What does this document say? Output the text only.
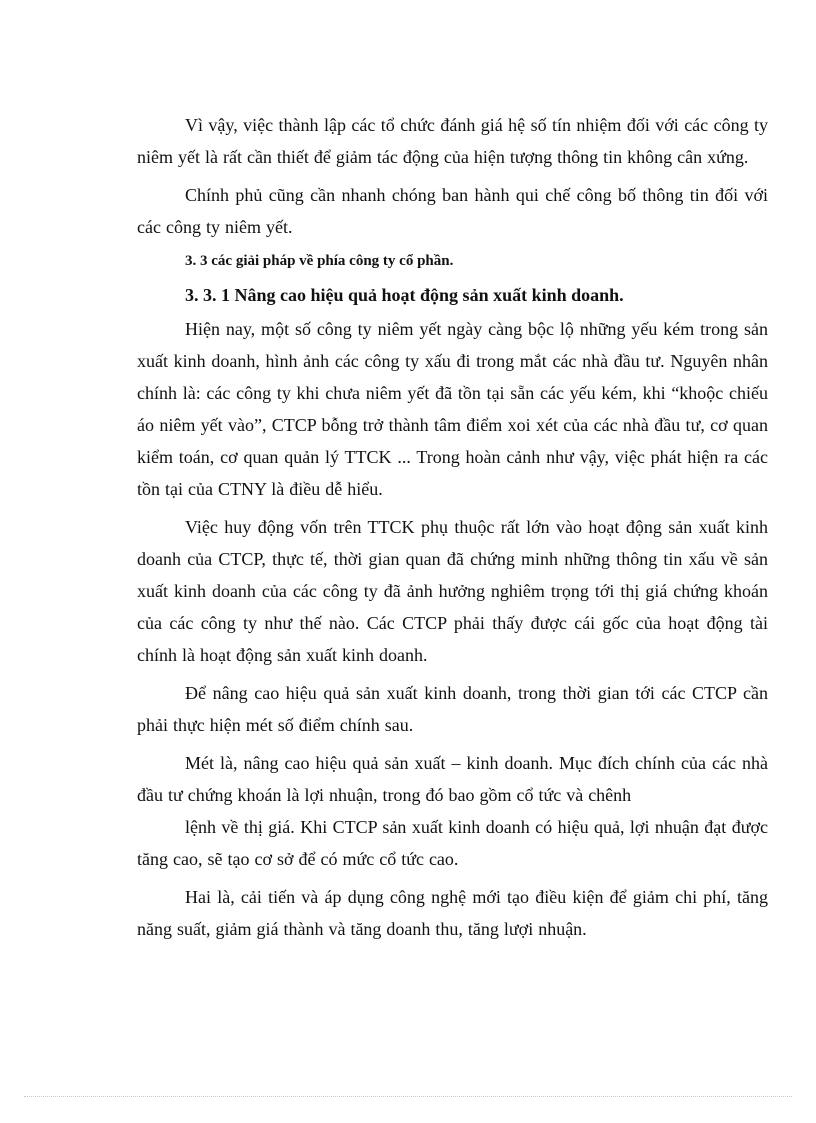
Vì vậy, việc thành lập các tổ chức đánh giá hệ số tín nhiệm đối với các công ty niêm yết là rất cần thiết để giảm tác động của hiện tượng thông tin không cân xứng.

Chính phủ cũng cần nhanh chóng ban hành qui chế công bố thông tin đối với các công ty niêm yết.

3. 3 các giải pháp về phía công ty cổ phần.

3. 3. 1 Nâng cao hiệu quả hoạt động sản xuất kinh doanh.

Hiện nay, một số công ty niêm yết ngày càng bộc lộ những yếu kém trong sản xuất kinh doanh, hình ảnh các công ty xấu đi trong mắt các nhà đầu tư. Nguyên nhân chính là: các công ty khi chưa niêm yết đã tồn tại sẵn các yếu kém, khi “khoộc chiếu áo niêm yết vào”, CTCP bỗng trở thành tâm điểm xoi xét của các nhà đầu tư, cơ quan kiểm toán, cơ quan quản lý TTCK ... Trong hoàn cảnh như vậy, việc phát hiện ra các tồn tại của CTNY là điều dễ hiểu.

Việc huy động vốn trên TTCK phụ thuộc rất lớn vào hoạt động sản xuất kinh doanh của CTCP, thực tế, thời gian quan đã chứng minh những thông tin xấu về sản xuất kinh doanh của các công ty đã ảnh hưởng nghiêm trọng tới thị giá chứng khoán của các công ty như thế nào. Các CTCP phải thấy được cái gốc của hoạt động tài chính là hoạt động sản xuất kinh doanh.

Để nâng cao hiệu quả sản xuất kinh doanh, trong thời gian tới các CTCP cần phải thực hiện mét số điểm chính sau.

Mét là, nâng cao hiệu quả sản xuất – kinh doanh. Mục đích chính của các nhà đầu tư chứng khoán là lợi nhuận, trong đó bao gồm cổ tức và chênh

lệnh về thị giá. Khi CTCP sản xuất kinh doanh có hiệu quả, lợi nhuận đạt được tăng cao, sẽ tạo cơ sở để có mức cổ tức cao.

Hai là, cải tiến và áp dụng công nghệ mới tạo điều kiện để giảm chi phí, tăng năng suất, giảm giá thành và tăng doanh thu, tăng lượi nhuận.
